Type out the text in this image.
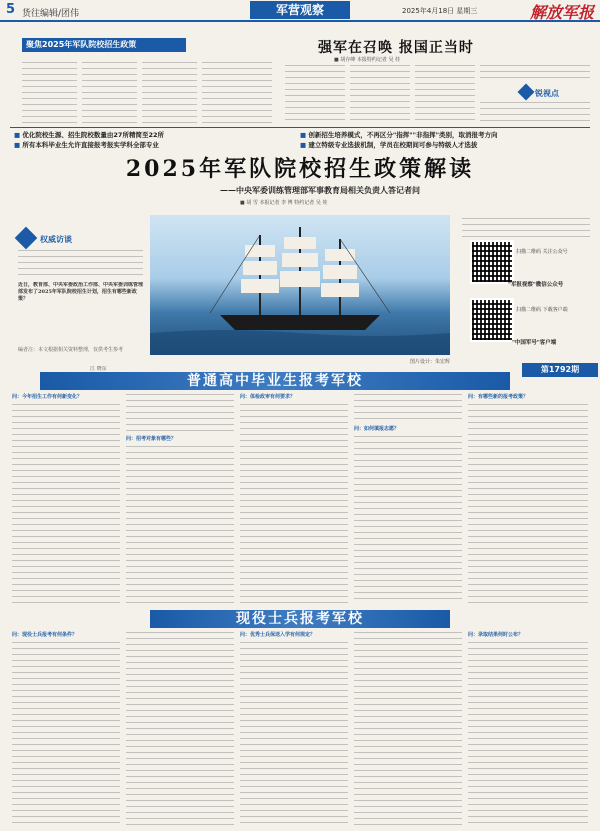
5 货往编辑/团伟	军营观察	2025年4月18日 星期三	解放军报
聚焦2025年军队院校招生政策	强军在召唤 报国正当时
■ 胡存峰 本报特约记者 吴 娃
锐视点
■ 优化院校生源、招生院校数量由27所精简至22所
■ 所有本科毕业生允许直接报考报实学科全部专业
■ 创新招生培养模式，不再区分"指挥""非指挥"类别，取消报考方向
■ 建立特级专业选拔机制，学员在校期间可参与特级人才选拔
2025年军队院校招生政策解读
——中央军委训练管理部军事教育局相关负责人答记者问
■ 胡 雪 本报记者 李 博 特约记者 吴 娃
权威访谈
近日，教育部、中央军委政治工作部、中央军委训练管理部发布了2025年军队院校招生计划，招生有哪些新政策？
编者注：本文根据相关资料整理，仅供考生参考
江 晓东
图片设计：朱宏辉
扫描二维码 关注公众号
"军报视察"微信公众号
扫描二维码 下载客户端
"中国军号"客户端
第1792期
普通高中毕业生报考军校
问：今年招生工作有何新变化？
问：招考对象有哪些？
问：体检政审有何要求？
问：如何填报志愿？
问：有哪些新的报考政策？
现役士兵报考军校
问：现役士兵报考有何条件？	问：优秀士兵保送入学有何规定？	问：录取结果何时公布？
